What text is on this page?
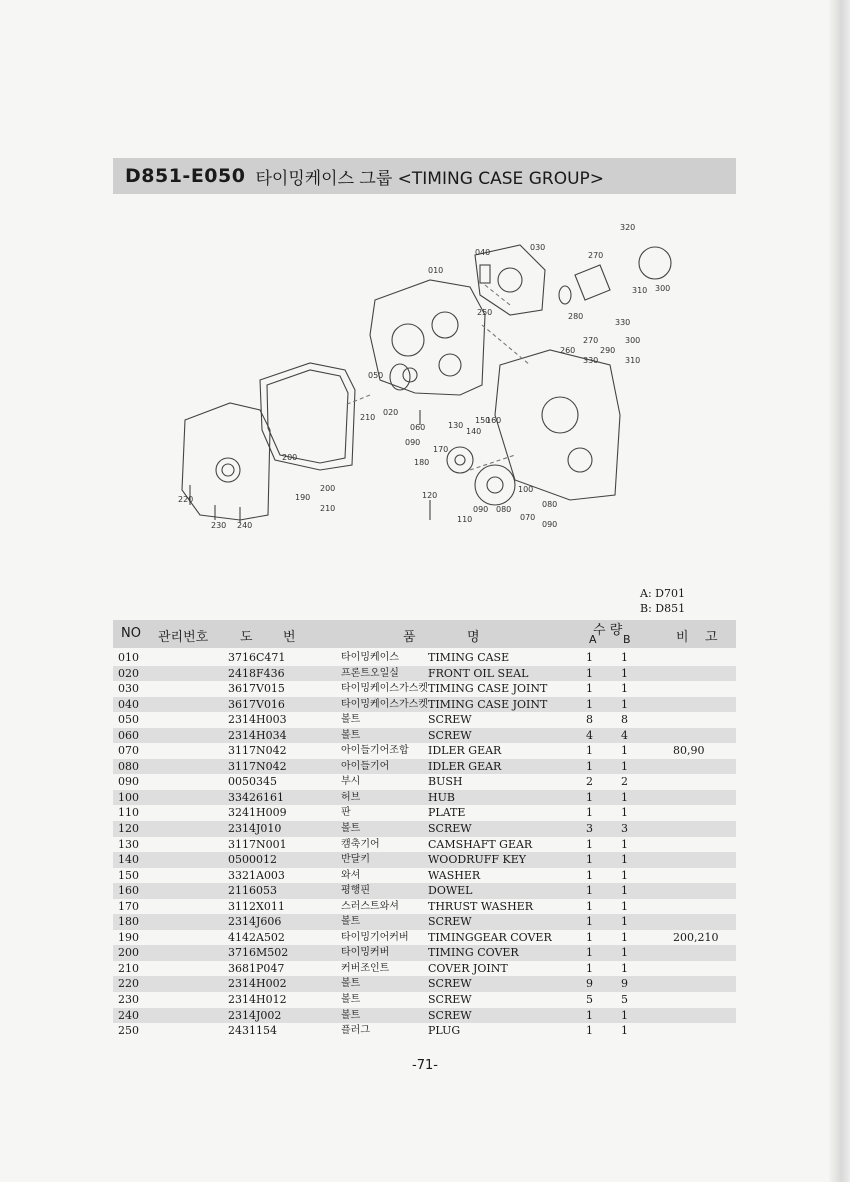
D851-E050 타이밍케이스 그룹 <TIMING CASE GROUP>
320
030
040	270
010
310 300
250	280
330
270	300
260	290
330	310
050
210
020
060	130
150
140
160
170
180
200
190
200
210
120
100
080
070
090
220
110
090 080
230 240
090
A: D701
B: D851
NO 관리번호 도 번	품	명	수 량
A B	비 고
010	3716C471	타이밍케이스	TIMING CASE	1	1
020	2418F436	프론트오일실	FRONT OIL SEAL	1	1
030	3617V015	타이밍케이스가스켓 TIMING CASE JOINT	1	1
040	3617V016	타이밍케이스가스켓 TIMING CASE JOINT	1	1
050	2314H003	볼트	SCREW	8	8
060	2314H034	볼트	SCREW	4	4
070	3117N042	아이들기어조합 IDLER GEAR	1	1	80,90
080	3117N042	아이들기어	IDLER GEAR	1	1
090	0050345	부시	BUSH	2	2
100	33426161	허브	HUB	1	1
110	3241H009	판	PLATE	1	1
120	2314J010	볼트	SCREW	3	3
130	3117N001	캠축기어	CAMSHAFT GEAR	1	1
140	0500012	반달키	WOODRUFF KEY	1	1
150	3321A003	와셔	WASHER	1	1
160	2116053	평행핀	DOWEL	1	1
170	3112X011	스러스트와셔	THRUST WASHER	1	1
180	2314J606	볼트	SCREW	1	1
190	4142A502	타이밍기어커버 TIMINGGEAR COVER	1	1	200,210
200	3716M502	타이밍커버	TIMING COVER	1	1
210	3681P047	커버조인트	COVER JOINT	1	1
220	2314H002	볼트	SCREW	9	9
230	2314H012	볼트	SCREW	5	5
240	2314J002	볼트	SCREW	1	1
250	2431154	플러그	PLUG	1	1
-71-
